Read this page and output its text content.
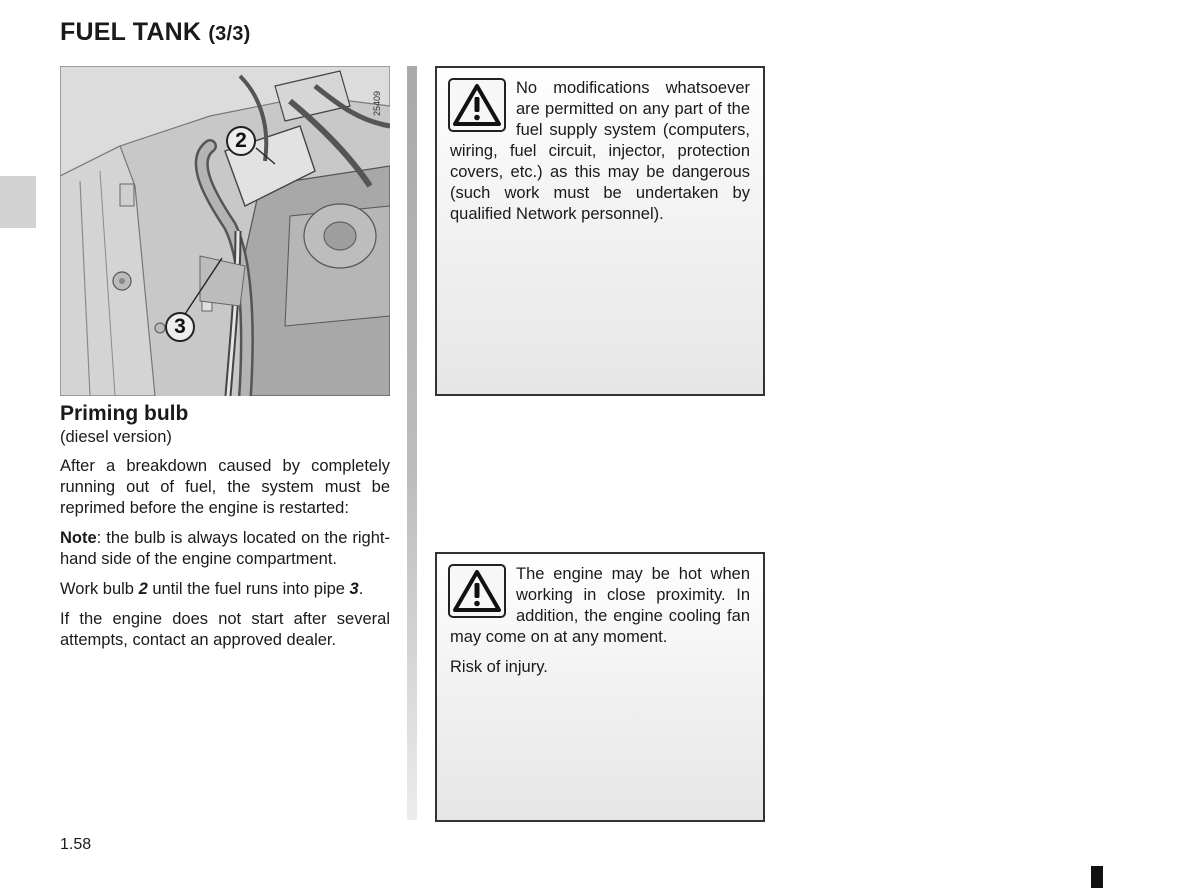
FUEL TANK (3/3)
25409
2
3
Priming bulb
(diesel version)

After a breakdown caused by completely running out of fuel, the system must be reprimed before the engine is restarted:

Note: the bulb is always located on the right-hand side of the engine compartment.

Work bulb 2 until the fuel runs into pipe 3.

If the engine does not start after several attempts, contact an approved dealer.

No modifications whatsoever are permitted on any part of the fuel supply system (computers, wiring, fuel circuit, injector, protection covers, etc.) as this may be dangerous (such work must be undertaken by qualified Network personnel).

The engine may be hot when working in close proximity. In addition, the engine cooling fan may come on at any moment.

Risk of injury.

1.58
